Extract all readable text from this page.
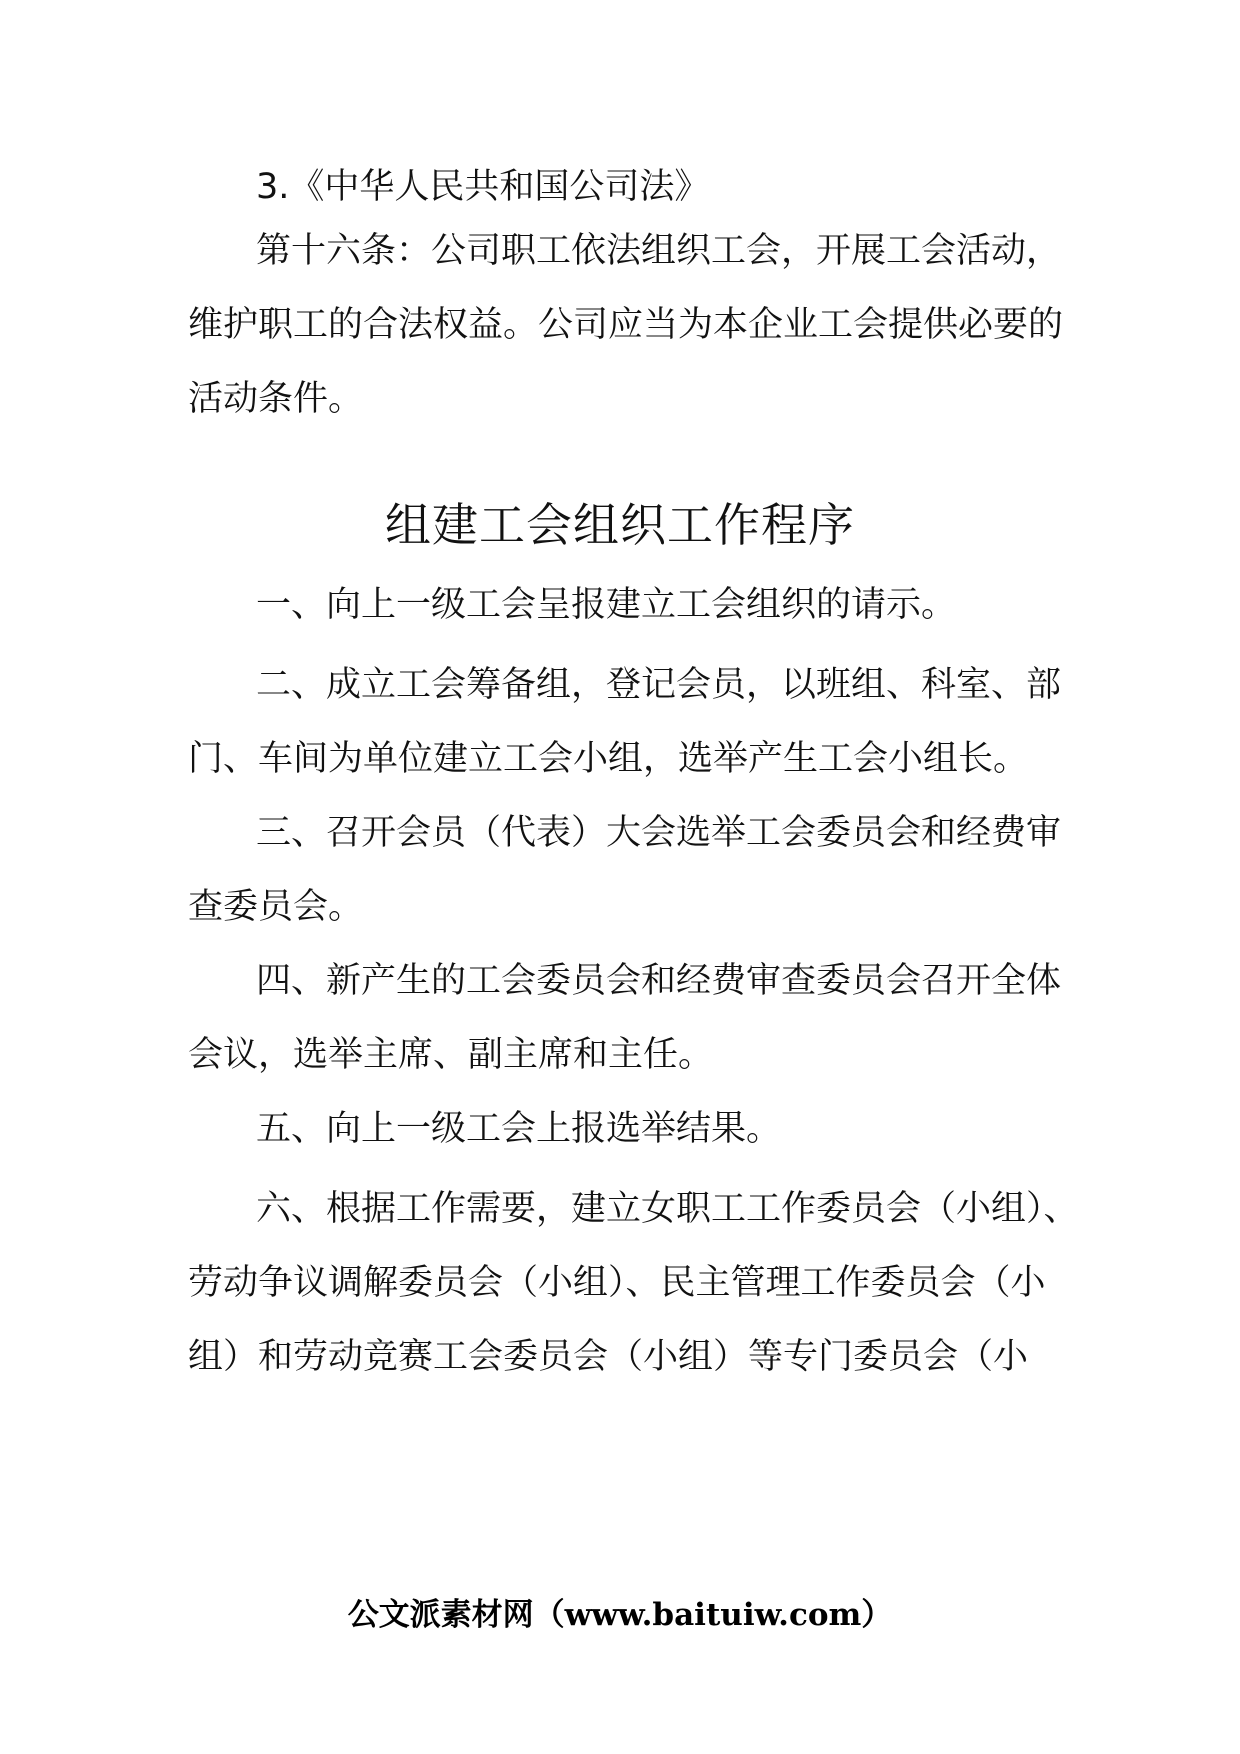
3.《中华人民共和国公司法》
第十六条：公司职工依法组织工会，开展工会活动，
维护职工的合法权益。公司应当为本企业工会提供必要的
活动条件。
组建工会组织工作程序
一、向上一级工会呈报建立工会组织的请示。
二、成立工会筹备组，登记会员，以班组、科室、部
门、车间为单位建立工会小组，选举产生工会小组长。
三、召开会员（代表）大会选举工会委员会和经费审
查委员会。
四、新产生的工会委员会和经费审查委员会召开全体
会议，选举主席、副主席和主任。
五、向上一级工会上报选举结果。
六、根据工作需要，建立女职工工作委员会（小组）、
劳动争议调解委员会（小组）、民主管理工作委员会（小
组）和劳动竞赛工会委员会（小组）等专门委员会（小
公文派素材网（www.baituiw.com）
